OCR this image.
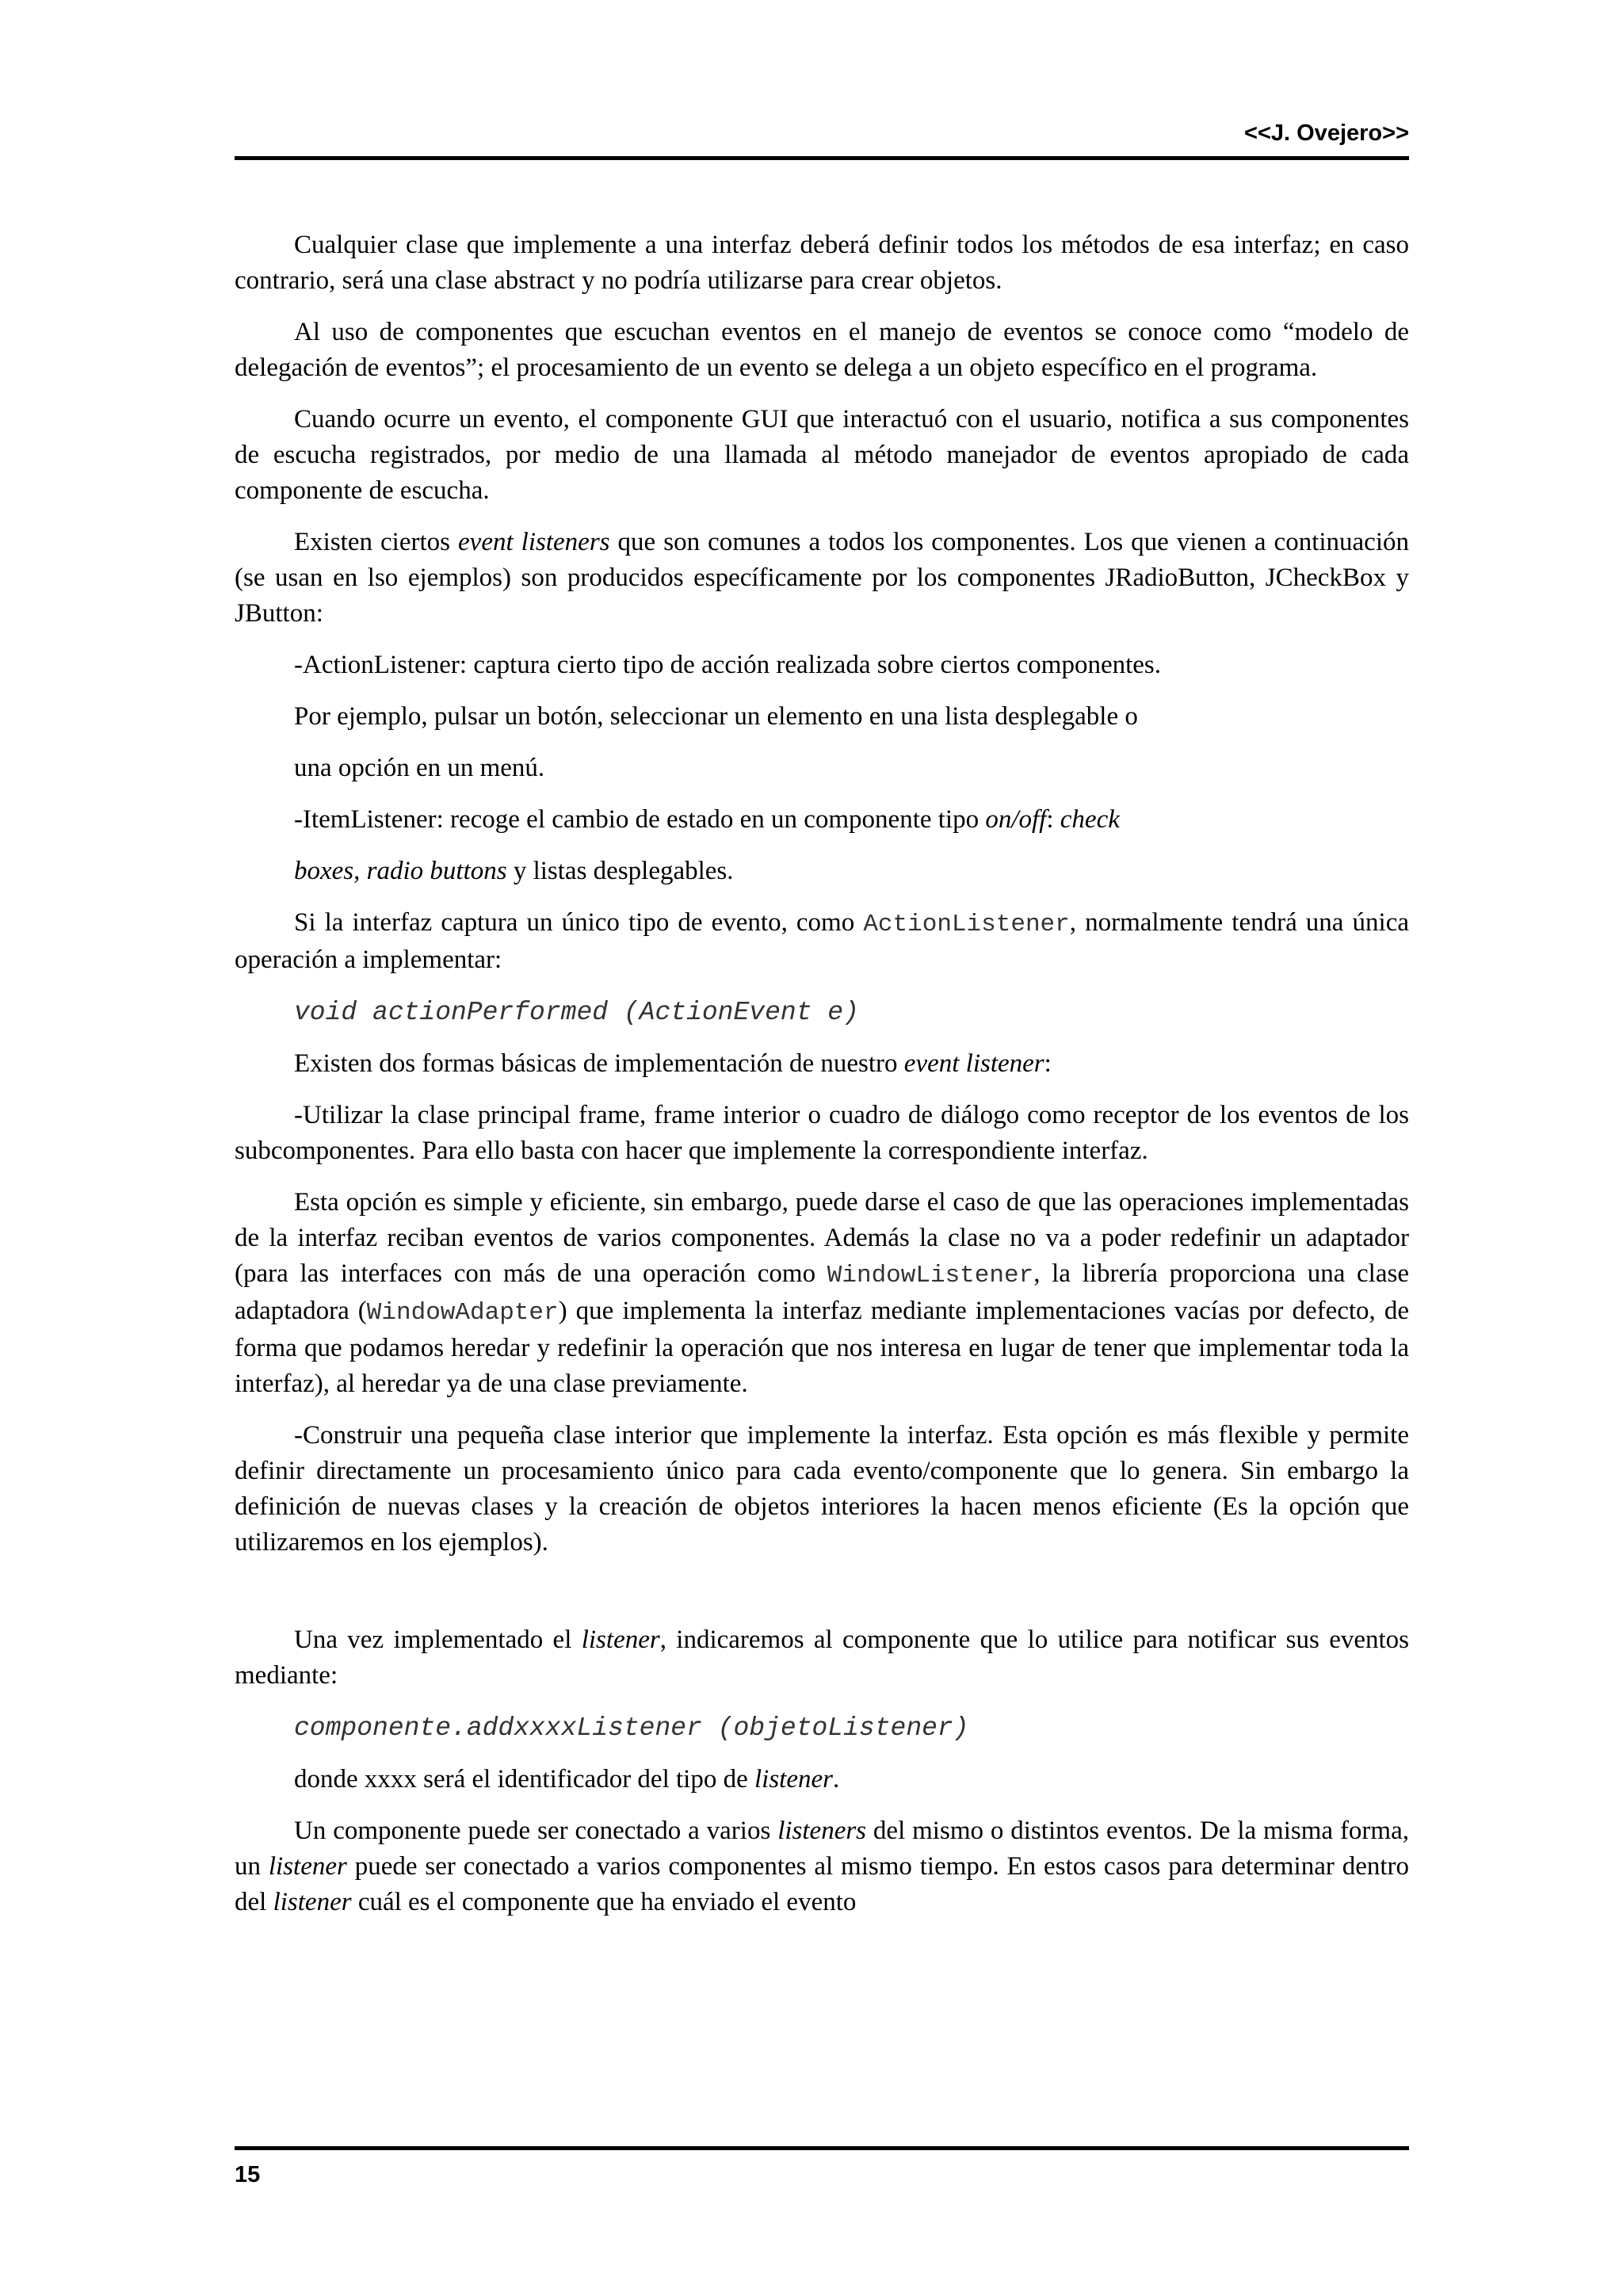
<<J. Ovejero>>

Cualquier clase que implemente a una interfaz deberá definir todos los métodos de esa interfaz; en caso contrario, será una clase abstract y no podría utilizarse para crear objetos.

Al uso de componentes que escuchan eventos en el manejo de eventos se conoce como “modelo de delegación de eventos”; el procesamiento de un evento se delega a un objeto específico en el programa.

Cuando ocurre un evento, el componente GUI que interactuó con el usuario, notifica a sus componentes de escucha registrados, por medio de una llamada al método manejador de eventos apropiado de cada componente de escucha.

Existen ciertos event listeners que son comunes a todos los componentes. Los que vienen a continuación (se usan en lso ejemplos) son producidos específicamente por los componentes JRadioButton, JCheckBox y JButton:

-ActionListener: captura cierto tipo de acción realizada sobre ciertos componentes.

Por ejemplo, pulsar un botón, seleccionar un elemento en una lista desplegable o

una opción en un menú.

-ItemListener: recoge el cambio de estado en un componente tipo on/off: check

boxes, radio buttons y listas desplegables.

Si la interfaz captura un único tipo de evento, como ActionListener, normalmente tendrá una única operación a implementar:

void actionPerformed (ActionEvent e)

Existen dos formas básicas de implementación de nuestro event listener:

-Utilizar la clase principal frame, frame interior o cuadro de diálogo como receptor de los eventos de los subcomponentes. Para ello basta con hacer que implemente la correspondiente interfaz.

Esta opción es simple y eficiente, sin embargo, puede darse el caso de que las operaciones implementadas de la interfaz reciban eventos de varios componentes. Además la clase no va a poder redefinir un adaptador (para las interfaces con más de una operación como WindowListener, la librería proporciona una clase adaptadora (WindowAdapter) que implementa la interfaz mediante implementaciones vacías por defecto, de forma que podamos heredar y redefinir la operación que nos interesa en lugar de tener que implementar toda la interfaz), al heredar ya de una clase previamente.

-Construir una pequeña clase interior que implemente la interfaz. Esta opción es más flexible y permite definir directamente un procesamiento único para cada evento/componente que lo genera. Sin embargo la definición de nuevas clases y la creación de objetos interiores la hacen menos eficiente (Es la opción que utilizaremos en los ejemplos).

Una vez implementado el listener, indicaremos al componente que lo utilice para notificar sus eventos mediante:

componente.addxxxxListener (objetoListener)

donde xxxx será el identificador del tipo de listener.

Un componente puede ser conectado a varios listeners del mismo o distintos eventos. De la misma forma, un listener puede ser conectado a varios componentes al mismo tiempo. En estos casos para determinar dentro del listener cuál es el componente que ha enviado el evento

15
